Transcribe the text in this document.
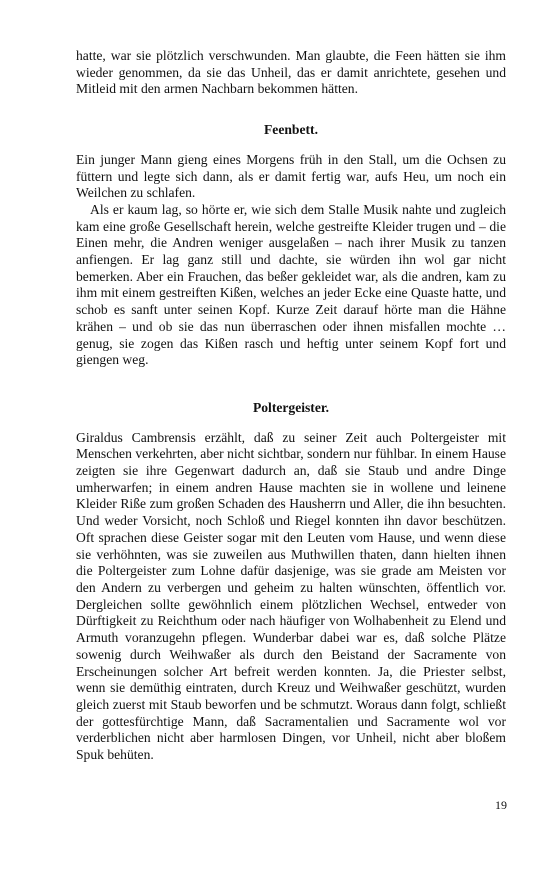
hatte, war sie plötzlich verschwunden. Man glaubte, die Feen hätten sie ihm wieder genommen, da sie das Unheil, das er damit anrichtete, gesehen und Mitleid mit den armen Nachbarn bekommen hätten.

Feenbett.

Ein junger Mann gieng eines Morgens früh in den Stall, um die Ochsen zu füttern und legte sich dann, als er damit fertig war, aufs Heu, um noch ein Weilchen zu schlafen.

Als er kaum lag, so hörte er, wie sich dem Stalle Musik nahte und zugleich kam eine große Gesellschaft herein, welche gestreifte Kleider trugen und – die Einen mehr, die Andren weniger ausgelaßen – nach ihrer Musik zu tanzen anfiengen. Er lag ganz still und dachte, sie würden ihn wol gar nicht bemerken. Aber ein Frauchen, das beßer gekleidet war, als die andren, kam zu ihm mit einem gestreiften Kißen, welches an jeder Ecke eine Quaste hatte, und schob es sanft unter seinen Kopf. Kurze Zeit darauf hörte man die Hähne krähen – und ob sie das nun überraschen oder ihnen misfallen mochte … genug, sie zogen das Kißen rasch und heftig unter seinem Kopf fort und giengen weg.

Poltergeister.

Giraldus Cambrensis erzählt, daß zu seiner Zeit auch Poltergeister mit Menschen verkehrten, aber nicht sichtbar, sondern nur fühlbar. In einem Hause zeigten sie ihre Gegenwart dadurch an, daß sie Staub und andre Dinge umherwarfen; in einem andren Hause machten sie in wollene und leinene Kleider Riße zum großen Schaden des Hausherrn und Aller, die ihn besuchten. Und weder Vorsicht, noch Schloß und Riegel konnten ihn davor beschützen. Oft sprachen diese Geister sogar mit den Leuten vom Hause, und wenn diese sie verhöhnten, was sie zuweilen aus Muthwillen thaten, dann hielten ihnen die Poltergeister zum Lohne dafür dasjenige, was sie grade am Meisten vor den Andern zu verbergen und geheim zu halten wünschten, öffentlich vor. Dergleichen sollte gewöhnlich einem plötzlichen Wechsel, entweder von Dürftigkeit zu Reichthum oder nach häufiger von Wolhabenheit zu Elend und Armuth voranzugehn pflegen. Wunderbar dabei war es, daß solche Plätze sowenig durch Weihwaßer als durch den Beistand der Sacramente von Erscheinungen solcher Art befreit werden konnten. Ja, die Priester selbst, wenn sie demüthig eintraten, durch Kreuz und Weihwaßer geschützt, wurden gleich zuerst mit Staub beworfen und be schmutzt. Woraus dann folgt, schließt der gottesfürchtige Mann, daß Sacramentalien und Sacramente wol vor verderblichen nicht aber harmlosen Dingen, vor Unheil, nicht aber bloßem Spuk behüten.

19
